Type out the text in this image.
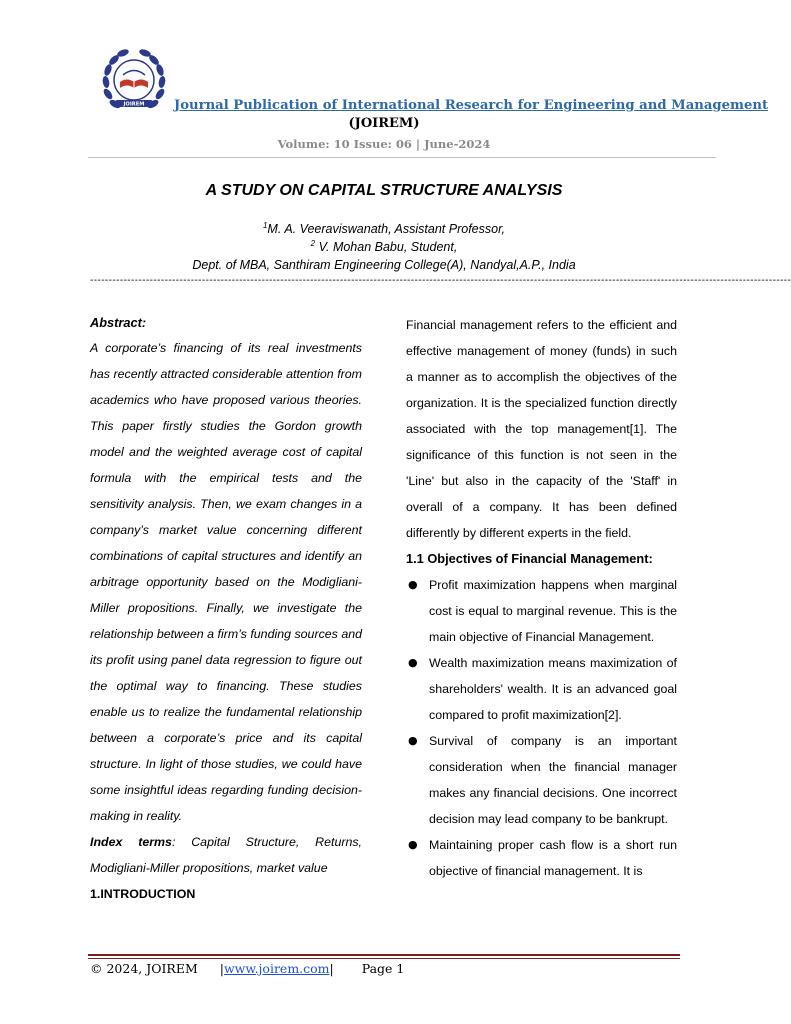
JOIREM Journal Publication of International Research for Engineering and Management
(JOIREM)
Volume: 10 Issue: 06 | June-2024
A STUDY ON CAPITAL STRUCTURE ANALYSIS
$^1$M. A. Veeraviswanath, Assistant Professor,
$^2$ V. Mohan Babu, Student,
Dept. of MBA, Santhiram Engineering College(A), Nandyal,A.P., India
--------------------------------------------------------------------------------------------------------------------------------------------------------------------------------------------

Abstract:

A corporate’s financing of its real investments has recently attracted considerable attention from academics who have proposed various theories. This paper firstly studies the Gordon growth model and the weighted average cost of capital formula with the empirical tests and the sensitivity analysis. Then, we exam changes in a company’s market value concerning different combinations of capital structures and identify an arbitrage opportunity based on the Modigliani-Miller propositions. Finally, we investigate the relationship between a firm’s funding sources and its profit using panel data regression to figure out the optimal way to financing. These studies enable us to realize the fundamental relationship between a corporate’s price and its capital structure. In light of those studies, we could have some insightful ideas regarding funding decision-making in reality.

Index terms: Capital Structure, Returns, Modigliani-Miller propositions, market value

1.INTRODUCTION

Financial management refers to the efficient and effective management of money (funds) in such a manner as to accomplish the objectives of the organization. It is the specialized function directly associated with the top management[1]. The significance of this function is not seen in the 'Line' but also in the capacity of the 'Staff' in overall of a company. It has been defined differently by different experts in the field.

1.1 Objectives of Financial Management:

● Profit maximization happens when marginal cost is equal to marginal revenue. This is the main objective of Financial Management.
● Wealth maximization means maximization of shareholders' wealth. It is an advanced goal compared to profit maximization[2].
● Survival of company is an important consideration when the financial manager makes any financial decisions. One incorrect decision may lead company to be bankrupt.
● Maintaining proper cash flow is a short run objective of financial management. It is
© 2024, JOIREM |www.joirem.com| Page 1
